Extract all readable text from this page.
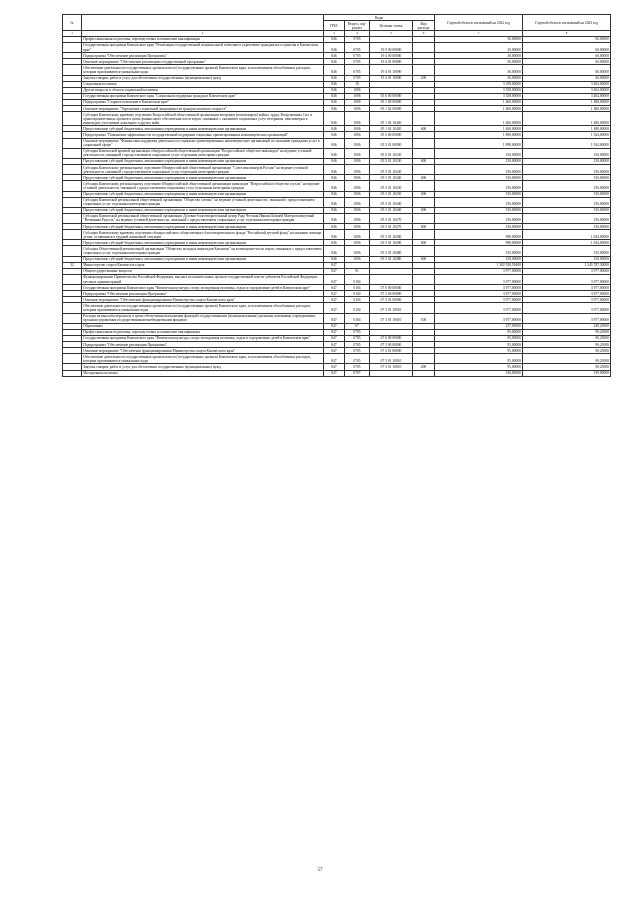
№		Коды				Годовой объем ассигнований на 2022 год	Годовой объем ассигнований на 2023 год
		ГРБС	Раздел, под-раздел	Целевая статья	Вид расхода		
1	2	3	4	5	6	7	8
	Профессиональная подготовка, переподготовка и повышение квалификации	846	0705			30,00000	60,00000
	Государственная программа Камчатского края "Реализация государственной национальной политики и укрепление гражданского единства в Камчатском крае"	846	0705	19 0 00 00000		30,00000	60,00000
	Подпрограмма "Обеспечение реализации Программы"	846	0705	19 4 00 00000		30,00000	60,00000
	Основное мероприятие "Обеспечение реализации государственной программы"	846	0705	19 4 01 00000		30,00000	60,00000
	Обеспечение деятельности государственных органов власти (государственных органов) Камчатского края, за исключением обособленных расходов, которым присваиваются уникальные коды	846	0705	19 4 01 10090		30,00000	60,00000
	Закупка товаров, работ и услуг для обеспечения государственных (муниципальных) нужд	846	0705	19 4 01 10090	200	30,00000	60,00000
	Социальная политика	846	10			3 358,00000	3 404,00000
	Другие вопросы в области социальной политики	846	1006			3 358,00000	3 404,00000
	Государственная программа Камчатского края "Социальная поддержка граждан в Камчатском крае"	846	1006	05 0 00 00000		3 358,00000	3 404,00000
	Подпрограмма "Старшее поколение в Камчатском крае"	846	1006	05 1 00 00000		1 460,00000	1 480,00000
	Основное мероприятие "Укрепление социальной защищенности граждан пожилого возраста"	846	1006	05 1 02 00000		1 460,00000	1 480,00000
	Субсидия Камчатскому краевому отделению Всероссийской общественной организации ветеранов (пенсионеров) войны, труда, Вооруженных Сил и правоохранительных органов в целях финансового обеспечения части затрат, связанных с оказанием социальных услуг ветеранам, пенсионерам и инвалидам, участникам локальных и других войн	846	1006	05 1 02 10420		1 460,00000	1 480,00000
	Предоставление субсидий бюджетным, автономным учреждениям и иным некоммерческим организациям	846	1006	05 1 02 10420	600	1 460,00000	1 480,00000
	Подпрограмма "Повышение эффективности государственной поддержки социально ориентированных некоммерческих организаций"	846	1006	05 5 00 00000		1 898,00000	1 924,00000
	Основное мероприятие "Финансовая поддержка деятельности социально ориентированных некоммерческих организаций по оказанию гражданам услуг в социальной сфере"	846	1006	05 5 01 00000		1 898,00000	1 924,00000
	Субсидия Камчатской краевой организации общероссийской общественной организации "Всероссийское общество инвалидов" на ведение уставной деятельности, связанной с предоставлением социальных услуг отдельным категориям граждан	846	1006	05 5 01 10230		150,00000	150,00000
	Предоставление субсидий бюджетным, автономным учреждениям и иным некоммерческим организациям	846	1006	05 5 01 10230	600	150,00000	150,00000
	Субсидия Камчатскому региональному отделению Общероссийской общественной организации "Союз пенсионеров России" на ведение уставной деятельности, связанной с предоставлением социальных услуг отдельным категориям граждан	846	1006	05 5 01 10240		150,00000	150,00000
	Предоставление субсидий бюджетным, автономным учреждениям и иным некоммерческим организациям	846	1006	05 5 01 10240	600	150,00000	150,00000
	Субсидия Камчатскому региональному отделению Общероссийской общественной организации инвалидов "Всероссийское общество глухих" на ведение уставной деятельности, связанной с предоставлением социальных услуг отдельным категориям граждан	846	1006	05 5 01 10250		150,00000	150,00000
	Предоставление субсидий бюджетным, автономным учреждениям и иным некоммерческим организациям	846	1006	05 5 01 10250	600	150,00000	150,00000
	Субсидия Камчатской региональной общественной организации "Общество слепых" на ведение уставной деятельности, связанной с предоставлением социальных услуг отдельным категориям граждан	846	1006	05 5 01 10260		150,00000	150,00000
	Предоставление субсидий бюджетным, автономным учреждениям и иным некоммерческим организациям	846	1006	05 5 01 10260	600	150,00000	150,00000
	Субсидия Камчатской региональной общественной организации Духовно-благотворительный центр Рада Честная Ивиана Божией Матери именуемый "Нечаянная Радость" на ведение уставной деятельности, связанной с предоставлением социальных услуг отдельным категориям граждан	846	1006	05 5 01 10270		150,00000	150,00000
	Предоставление субсидий бюджетным, автономным учреждениям и иным некоммерческим организациям	846	1006	05 5 01 10270	600	150,00000	150,00000
	Субсидия Камчатскому краевому отделению общероссийского общественного благотворительного фонда "Российский детский фонд" на оказание помощи детям, оставшимся в трудной жизненной ситуации	846	1006	05 5 01 10280		998,00000	1 024,00000
	Предоставление субсидий бюджетным, автономным учреждениям и иным некоммерческим организациям	846	1006	05 5 01 10280	600	998,00000	1 024,00000
	Субсидия Общественной региональной организации "Общество молодых инвалидов Камчатки" на возмещение части затрат, связанных с предоставлением социальных услуг отдельным категориям граждан	846	1006	05 5 01 10480		150,00000	150,00000
	Предоставление субсидий бюджетным, автономным учреждениям и иным некоммерческим организациям	846	1006	05 5 01 10480	600	150,00000	150,00000
32	Министерство спорта Камчатского края	847				1 382 930,59400	1 245 787,30000
	Общегосударственные вопросы	847	01			3 977,00000	3 977,00000
	Функционирование Правительства Российской Федерации, высших исполнительных органов государственной власти субъектов Российской Федерации, местных администраций	847	0104			3 977,00000	3 977,00000
	Государственная программа Камчатского края "Физическая культура, спорт, молодежная политика, отдых и оздоровление детей в Камчатском крае"	847	0104	07 0 00 00000		3 977,00000	3 977,00000
	Подпрограмма "Обеспечение реализации Программы"	847	0104	07 3 00 00000		3 977,00000	3 977,00000
	Основное мероприятие "Обеспечение функционирования Министерства спорта Камчатского края"	847	0104	07 3 01 00000		3 977,00000	3 977,00000
	Обеспечение деятельности государственных органов власти (государственных органов) Камчатского края, за исключением обособленных расходов, которым присваиваются уникальные коды	847	0104	07 3 01 10010		3 977,00000	3 977,00000
	Расходы на выплаты персоналу в целях обеспечения выполнения функций государственными (муниципальными) органами, казенными учреждениями, органами управления государственными внебюджетными фондами	847	0104	07 3 01 10010	100	3 977,00000	3 977,00000
	Образование	847	07			257,85000	249,25000
	Профессиональная подготовка, переподготовка и повышение квалификации	847	0705			95,00000	90,25000
	Государственная программа Камчатского края "Физическая культура, спорт, молодежная политика, отдых и оздоровление детей в Камчатском крае"	847	0705	07 0 00 00000		95,00000	90,25000
	Подпрограмма "Обеспечение реализации Программы"	847	0705	07 3 00 00000		95,00000	90,25000
	Основное мероприятие "Обеспечение функционирования Министерства спорта Камчатского края"	847	0705	07 3 01 00000		95,00000	90,25000
	Обеспечение деятельности государственных органов власти (государственных органов) Камчатского края, за исключением обособленных расходов, которым присваиваются уникальные коды	847	0705	07 3 01 10010		95,00000	90,25000
	Закупка товаров, работ и услуг для обеспечения государственных (муниципальных) нужд	847	0705	07 3 01 10010	200	95,00000	90,25000
	Молодежная политика	847	0707			158,85000	159,00000
57
